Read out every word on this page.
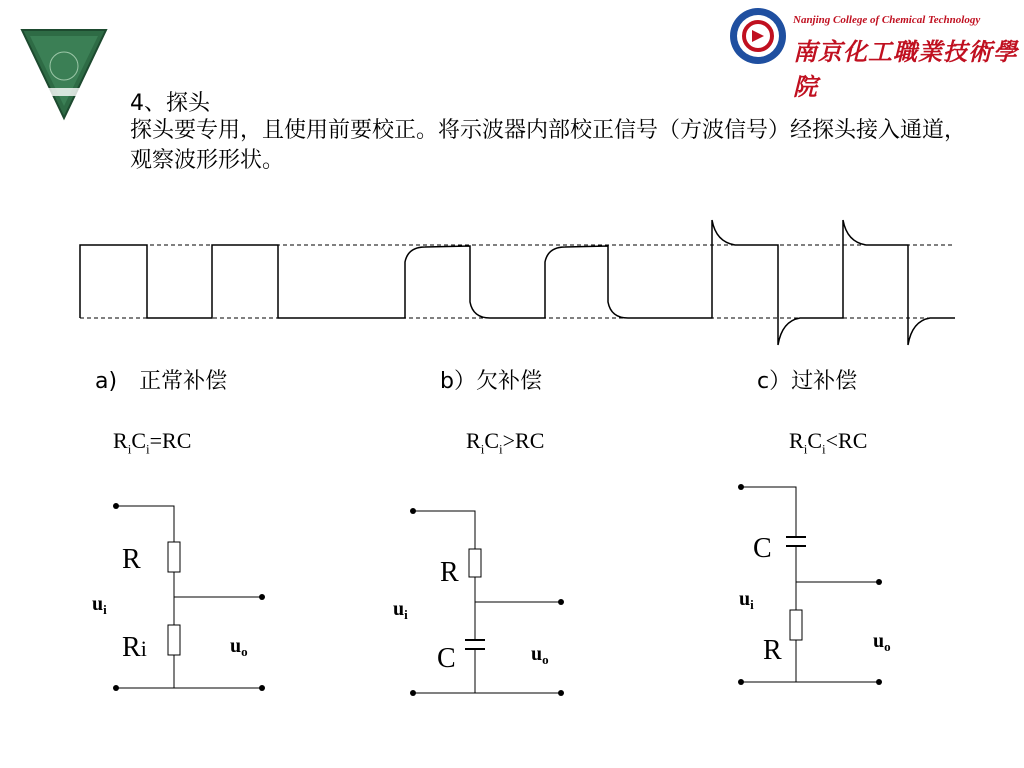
Nanjing College of Chemical Technology
南京化工職業技術學院
4、探头
探头要专用，且使用前要校正。将示波器内部校正信号（方波信号）经探头接入通道，观察波形形状。
a)　正常补偿	b）欠补偿	c）过补偿
$R_iC_i=RC$	$R_iC_i>RC$	$R_iC_i<RC$
R
Ri
$u_i$
$u_o$
R
C
$u_i$
$u_o$
C
R
$u_i$
$u_o$
